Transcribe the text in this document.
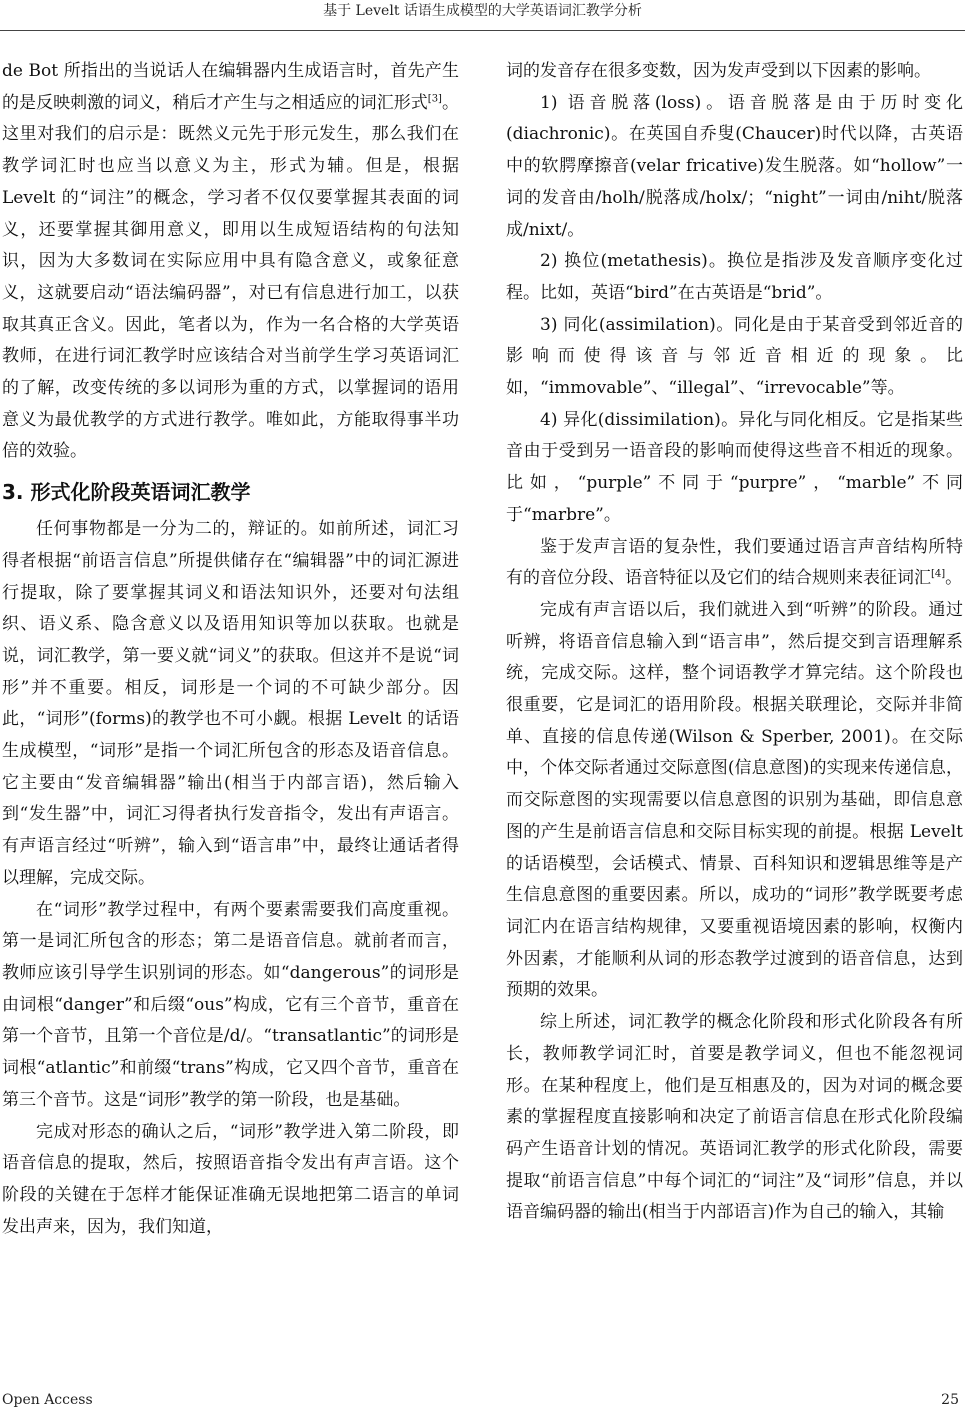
基于 Levelt 话语生成模型的大学英语词汇教学分析

de Bot 所指出的当说话人在编辑器内生成语言时，首先产生的是反映刺激的词义，稍后才产生与之相适应的词汇形式[3]。这里对我们的启示是：既然义元先于形元发生，那么我们在教学词汇时也应当以意义为主，形式为辅。但是，根据 Levelt 的“词注”的概念，学习者不仅仅要掌握其表面的词义，还要掌握其御用意义，即用以生成短语结构的句法知识，因为大多数词在实际应用中具有隐含意义，或象征意义，这就要启动“语法编码器”，对已有信息进行加工，以获取其真正含义。因此，笔者以为，作为一名合格的大学英语教师，在进行词汇教学时应该结合对当前学生学习英语词汇的了解，改变传统的多以词形为重的方式，以掌握词的语用意义为最优教学的方式进行教学。唯如此，方能取得事半功倍的效验。

3. 形式化阶段英语词汇教学

任何事物都是一分为二的，辩证的。如前所述，词汇习得者根据“前语言信息”所提供储存在“编辑器”中的词汇源进行提取，除了要掌握其词义和语法知识外，还要对句法组织、语义系、隐含意义以及语用知识等加以获取。也就是说，词汇教学，第一要义就“词义”的获取。但这并不是说“词形”并不重要。相反，词形是一个词的不可缺少部分。因此，“词形”(forms)的教学也不可小觑。根据 Levelt 的话语生成模型，“词形”是指一个词汇所包含的形态及语音信息。它主要由“发音编辑器”输出(相当于内部言语)，然后输入到“发生器”中，词汇习得者执行发音指令，发出有声语言。有声语言经过“听辨”，输入到“语言串”中，最终让通话者得以理解，完成交际。

在“词形”教学过程中，有两个要素需要我们高度重视。第一是词汇所包含的形态；第二是语音信息。就前者而言，教师应该引导学生识别词的形态。如“dangerous”的词形是由词根“danger”和后缀“ous”构成，它有三个音节，重音在第一个音节，且第一个音位是/d/。“transatlantic”的词形是词根“atlantic”和前缀“trans”构成，它又四个音节，重音在第三个音节。这是“词形”教学的第一阶段，也是基础。

完成对形态的确认之后，“词形”教学进入第二阶段，即语音信息的提取，然后，按照语音指令发出有声言语。这个阶段的关键在于怎样才能保证准确无误地把第二语言的单词发出声来，因为，我们知道，

词的发音存在很多变数，因为发声受到以下因素的影响。

1) 语音脱落(loss)。语音脱落是由于历时变化(diachronic)。在英国自乔叟(Chaucer)时代以降，古英语中的软腭摩擦音(velar fricative)发生脱落。如“hollow”一词的发音由/holh/脱落成/holx/；“night”一词由/niht/脱落成/nixt/。

2) 换位(metathesis)。换位是指涉及发音顺序变化过程。比如，英语“bird”在古英语是“brid”。

3) 同化(assimilation)。同化是由于某音受到邻近音的影响而使得该音与邻近音相近的现象。比如，“immovable”、“illegal”、“irrevocable”等。

4) 异化(dissimilation)。异化与同化相反。它是指某些音由于受到另一语音段的影响而使得这些音不相近的现象。比如，“purple”不同于“purpre”，“marble”不同于“marbre”。

鉴于发声言语的复杂性，我们要通过语言声音结构所特有的音位分段、语音特征以及它们的结合规则来表征词汇[4]。

完成有声言语以后，我们就进入到“听辨”的阶段。通过听辨，将语音信息输入到“语言串”，然后提交到言语理解系统，完成交际。这样，整个词语教学才算完结。这个阶段也很重要，它是词汇的语用阶段。根据关联理论，交际并非简单、直接的信息传递(Wilson & Sperber, 2001)。在交际中，个体交际者通过交际意图(信息意图)的实现来传递信息，而交际意图的实现需要以信息意图的识别为基础，即信息意图的产生是前语言信息和交际目标实现的前提。根据 Levelt 的话语模型，会话模式、情景、百科知识和逻辑思维等是产生信息意图的重要因素。所以，成功的“词形”教学既要考虑词汇内在语言结构规律，又要重视语境因素的影响，权衡内外因素，才能顺利从词的形态教学过渡到的语音信息，达到预期的效果。

综上所述，词汇教学的概念化阶段和形式化阶段各有所长，教师教学词汇时，首要是教学词义，但也不能忽视词形。在某种程度上，他们是互相惠及的，因为对词的概念要素的掌握程度直接影响和决定了前语言信息在形式化阶段编码产生语音计划的情况。英语词汇教学的形式化阶段，需要提取“前语言信息”中每个词汇的“词注”及“词形”信息，并以语音编码器的输出(相当于内部语言)作为自己的输入，其输

Open Access	25
